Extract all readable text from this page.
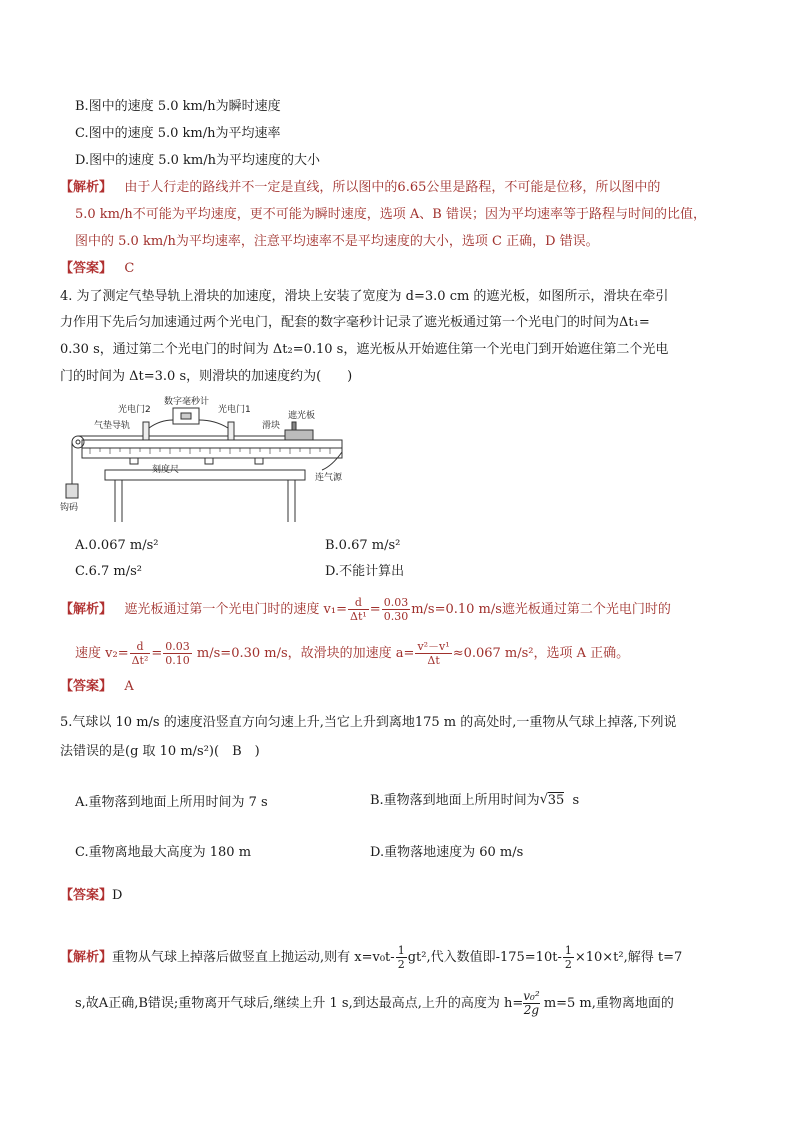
B.图中的速度 5.0 km/h为瞬时速度
C.图中的速度 5.0 km/h为平均速率
D.图中的速度 5.0 km/h为平均速度的大小
【解析】 由于人行走的路线并不一定是直线，所以图中的6.65公里是路程，不可能是位移，所以图中的
5.0 km/h不可能为平均速度，更不可能为瞬时速度，选项 A、B 错误；因为平均速率等于路程与时间的比值，
图中的 5.0 km/h为平均速率，注意平均速率不是平均速度的大小，选项 C 正确，D 错误。
【答案】 C
4. 为了测定气垫导轨上滑块的加速度，滑块上安装了宽度为 d=3.0 cm 的遮光板，如图所示，滑块在牵引
力作用下先后匀加速通过两个光电门，配套的数字毫秒计记录了遮光板通过第一个光电门的时间为Δt₁=
0.30 s，通过第二个光电门的时间为 Δt₂=0.10 s，遮光板从开始遮住第一个光电门到开始遮住第二个光电
门的时间为 Δt=3.0 s，则滑块的加速度约为(　　)
光电门2
数字毫秒计
光电门1
气垫导轨	滑块
遮光板
刻度尺
连气源
钩码
A.0.067 m/s²	B.0.67 m/s²
C.6.7 m/s²	D.不能计算出
【解析】 遮光板通过第一个光电门时的速度 $v_1= \frac{d}{\text{Δt¹}} = \frac{0.03}{0.30} m/s=0.10$ m/s遮光板通过第二个光电门时的
速度 $v_2= \frac{d}{\text{Δt²}} = \frac{0.03}{0.10} m/s=0.30$ m/s，故滑块的加速度 $a= \frac{\text{v²－v¹}}{\Delta t} \approx 0.067$ m/s²，选项 A 正确。
【答案】 A
5.气球以 10 m/s 的速度沿竖直方向匀速上升,当它上升到离地175 m 的高处时,一重物从气球上掉落,下列说
法错误的是(g 取 10 m/s²)(　B　)
A.重物落到地面上所用时间为 7 s	B.重物落到地面上所用时间为√ 35 s
C.重物离地最大高度为 180 m	D.重物落地速度为 60 m/s
【答案】D
【解析】重物从气球上掉落后做竖直上抛运动,则有 $x=v_0t- \frac{1}{2} gt^2$,代入数值即$-175=10t- \frac{1}{2} \times 10\times t^2$,解得 t=7
s,故A正确,B错误;重物离开气球后,继续上升 1 s,到达最高点,上升的高度为 $h= \frac{\text{v₀²}}{2g} m=5$ m,重物离地面的
